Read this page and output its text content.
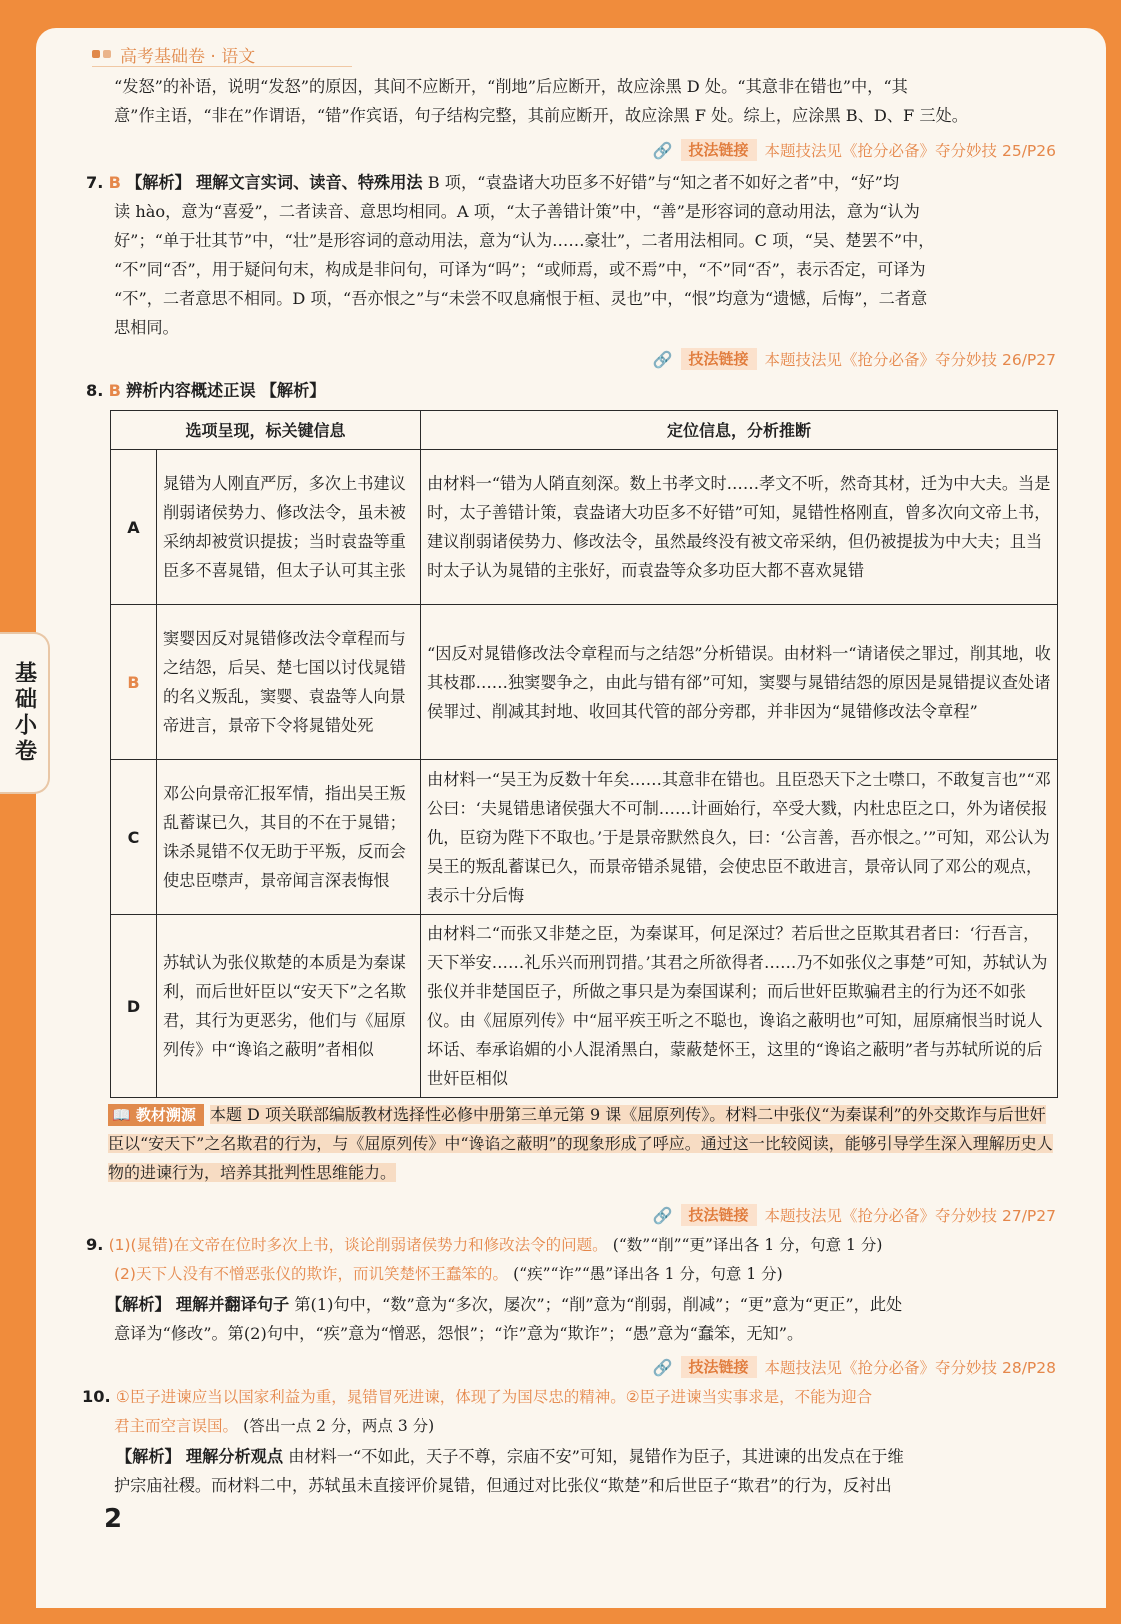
高考基础卷 · 语文

“发怒”的补语，说明“发怒”的原因，其间不应断开，“削地”后应断开，故应涂黑 D 处。“其意非在错也”中，“其

意”作主语，“非在”作谓语，“错”作宾语，句子结构完整，其前应断开，故应涂黑 F 处。综上，应涂黑 B、D、F 三处。

🔗	技法链接	本题技法见《抢分必备》夺分妙技 25/P26

7. B 【解析】 理解文言实词、读音、特殊用法 B 项，“袁盎诸大功臣多不好错”与“知之者不如好之者”中，“好”均

读 hào，意为“喜爱”，二者读音、意思均相同。A 项，“太子善错计策”中，“善”是形容词的意动用法，意为“认为

好”；“单于壮其节”中，“壮”是形容词的意动用法，意为“认为……豪壮”，二者用法相同。C 项，“吴、楚罢不”中，

“不”同“否”，用于疑问句末，构成是非问句，可译为“吗”；“或师焉，或不焉”中，“不”同“否”，表示否定，可译为

“不”，二者意思不相同。D 项，“吾亦恨之”与“未尝不叹息痛恨于桓、灵也”中，“恨”均意为“遗憾，后悔”，二者意

思相同。

🔗	技法链接	本题技法见《抢分必备》夺分妙技 26/P27

8. B 辨析内容概述正误 【解析】

选项呈现，标关键信息		定位信息，分析推断
A	晁错为人刚直严厉，多次上书建议削弱诸侯势力、修改法令，虽未被采纳却被赏识提拔；当时袁盎等重臣多不喜晁错，但太子认可其主张	由材料一“错为人陗直刻深。数上书孝文时……孝文不听，然奇其材，迁为中大夫。当是时，太子善错计策，袁盎诸大功臣多不好错”可知，晁错性格刚直，曾多次向文帝上书，建议削弱诸侯势力、修改法令，虽然最终没有被文帝采纳，但仍被提拔为中大夫；且当时太子认为晁错的主张好，而袁盎等众多功臣大都不喜欢晁错
B	窦婴因反对晁错修改法令章程而与之结怨，后吴、楚七国以讨伐晁错的名义叛乱，窦婴、袁盎等人向景帝进言，景帝下令将晁错处死	“因反对晁错修改法令章程而与之结怨”分析错误。由材料一“请诸侯之罪过，削其地，收其枝郡……独窦婴争之，由此与错有郤”可知，窦婴与晁错结怨的原因是晁错提议查处诸侯罪过、削减其封地、收回其代管的部分旁郡，并非因为“晁错修改法令章程”
C	邓公向景帝汇报军情，指出吴王叛乱蓄谋已久，其目的不在于晁错；诛杀晁错不仅无助于平叛，反而会使忠臣噤声，景帝闻言深表悔恨	由材料一“吴王为反数十年矣……其意非在错也。且臣恐天下之士噤口，不敢复言也”“邓公曰：‘夫晁错患诸侯强大不可制……计画始行，卒受大戮，内杜忠臣之口，外为诸侯报仇，臣窃为陛下不取也。’于是景帝默然良久，曰：‘公言善，吾亦恨之。’”可知，邓公认为吴王的叛乱蓄谋已久，而景帝错杀晁错，会使忠臣不敢进言，景帝认同了邓公的观点，表示十分后悔
D	苏轼认为张仪欺楚的本质是为秦谋利，而后世奸臣以“安天下”之名欺君，其行为更恶劣，他们与《屈原列传》中“谗谄之蔽明”者相似	由材料二“而张又非楚之臣，为秦谋耳，何足深过？若后世之臣欺其君者曰：‘行吾言，天下举安……礼乐兴而刑罚措。’其君之所欲得者……乃不如张仪之事楚”可知，苏轼认为张仪并非楚国臣子，所做之事只是为秦国谋利；而后世奸臣欺骗君主的行为还不如张仪。由《屈原列传》中“屈平疾王听之不聪也，谗谄之蔽明也”可知，屈原痛恨当时说人坏话、奉承谄媚的小人混淆黑白，蒙蔽楚怀王，这里的“谗谄之蔽明”者与苏轼所说的后世奸臣相似
📖 教材溯源 本题 D 项关联部编版教材选择性必修中册第三单元第 9 课《屈原列传》。材料二中张仪“为秦谋利”的外交欺诈与后世奸臣以“安天下”之名欺君的行为，与《屈原列传》中“谗谄之蔽明”的现象形成了呼应。通过这一比较阅读，能够引导学生深入理解历史人物的进谏行为，培养其批判性思维能力。
🔗	技法链接	本题技法见《抢分必备》夺分妙技 27/P27

9. (1)(晁错)在文帝在位时多次上书，谈论削弱诸侯势力和修改法令的问题。 (“数”“削”“更”译出各 1 分，句意 1 分)

(2)天下人没有不憎恶张仪的欺诈，而讥笑楚怀王蠢笨的。 (“疾”“诈”“愚”译出各 1 分，句意 1 分)

【解析】 理解并翻译句子 第(1)句中，“数”意为“多次，屡次”；“削”意为“削弱，削减”；“更”意为“更正”，此处

意译为“修改”。第(2)句中，“疾”意为“憎恶，怨恨”；“诈”意为“欺诈”；“愚”意为“蠢笨，无知”。

🔗	技法链接	本题技法见《抢分必备》夺分妙技 28/P28

10. ①臣子进谏应当以国家利益为重，晁错冒死进谏，体现了为国尽忠的精神。②臣子进谏当实事求是，不能为迎合

君主而空言误国。 (答出一点 2 分，两点 3 分)

【解析】 理解分析观点 由材料一“不如此，天子不尊，宗庙不安”可知，晁错作为臣子，其进谏的出发点在于维

护宗庙社稷。而材料二中，苏轼虽未直接评价晁错，但通过对比张仪“欺楚”和后世臣子“欺君”的行为，反衬出

2
基础小卷
